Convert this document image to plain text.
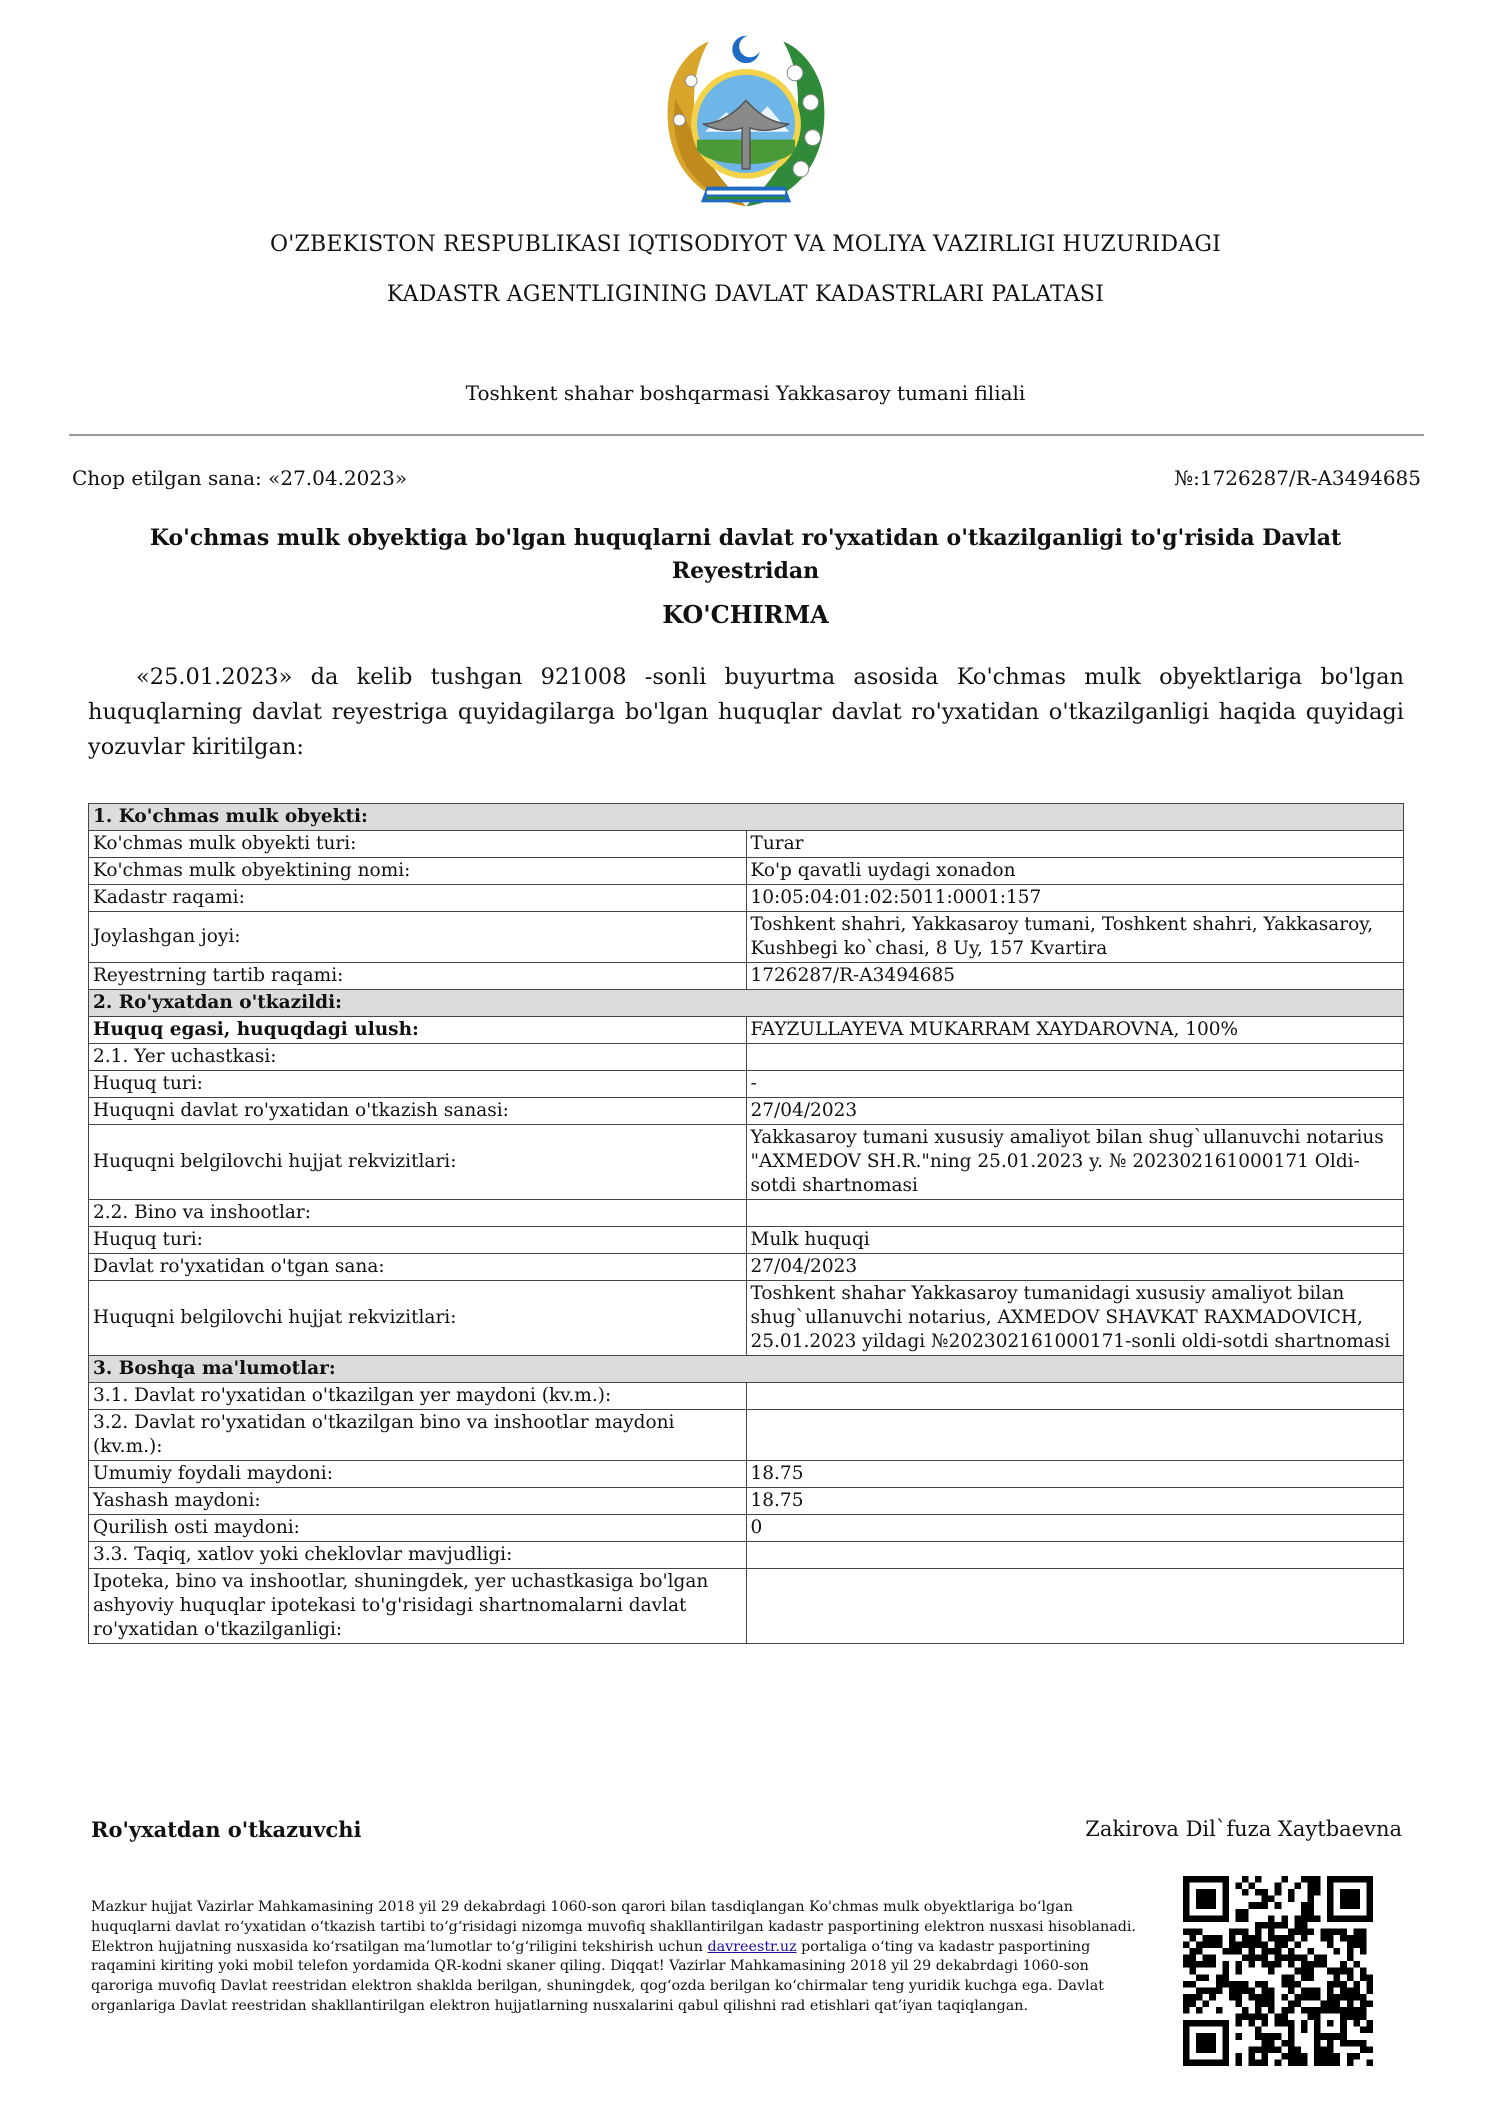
O'ZBEKISTON RESPUBLIKASI IQTISODIYOT VA MOLIYA VAZIRLIGI HUZURIDAGI
KADASTR AGENTLIGINING DAVLAT KADASTRLARI PALATASI
Toshkent shahar boshqarmasi Yakkasaroy tumani filiali
Chop etilgan sana: «27.04.2023»	№:1726287/R-A3494685
Ko'chmas mulk obyektiga bo'lgan huquqlarni davlat ro'yxatidan o'tkazilganligi to'g'risida Davlat Reyestridan
KO'CHIRMA
«25.01.2023» da kelib tushgan 921008 -sonli buyurtma asosida Ko'chmas mulk obyektlariga bo'lgan huquqlarning davlat reyestriga quyidagilarga bo'lgan huquqlar davlat ro'yxatidan o'tkazilganligi haqida quyidagi yozuvlar kiritilgan:
1. Ko'chmas mulk obyekti:	
Ko'chmas mulk obyekti turi:	Turar
Ko'chmas mulk obyektining nomi:	Ko'p qavatli uydagi xonadon
Kadastr raqami:	10:05:04:01:02:5011:0001:157
Joylashgan joyi:	Toshkent shahri, Yakkasaroy tumani, Toshkent shahri, Yakkasaroy, Kushbegi ko`chasi, 8 Uy, 157 Kvartira
Reyestrning tartib raqami:	1726287/R-A3494685
2. Ro'yxatdan o'tkazildi:	
Huquq egasi, huquqdagi ulush:	FAYZULLAYEVA MUKARRAM XAYDAROVNA, 100%
2.1. Yer uchastkasi:	
Huquq turi:	-
Huquqni davlat ro'yxatidan o'tkazish sanasi:	27/04/2023
Huquqni belgilovchi hujjat rekvizitlari:	Yakkasaroy tumani xususiy amaliyot bilan shug`ullanuvchi notarius "AXMEDOV SH.R."ning 25.01.2023 y. № 202302161000171 Oldi-sotdi shartnomasi
2.2. Bino va inshootlar:	
Huquq turi:	Mulk huquqi
Davlat ro'yxatidan o'tgan sana:	27/04/2023
Huquqni belgilovchi hujjat rekvizitlari:	Toshkent shahar Yakkasaroy tumanidagi xususiy amaliyot bilan shug`ullanuvchi notarius, AXMEDOV SHAVKAT RAXMADOVICH, 25.01.2023 yildagi №202302161000171-sonli oldi-sotdi shartnomasi
3. Boshqa ma'lumotlar:	
3.1. Davlat ro'yxatidan o'tkazilgan yer maydoni (kv.m.):	
3.2. Davlat ro'yxatidan o'tkazilgan bino va inshootlar maydoni (kv.m.):	
Umumiy foydali maydoni:	18.75
Yashash maydoni:	18.75
Qurilish osti maydoni:	0
3.3. Taqiq, xatlov yoki cheklovlar mavjudligi:	
Ipoteka, bino va inshootlar, shuningdek, yer uchastkasiga bo'lgan ashyoviy huquqlar ipotekasi to'g'risidagi shartnomalarni davlat ro'yxatidan o'tkazilganligi:	
Ro'yxatdan o'tkazuvchi	Zakirova Dil`fuza Xaytbaevna
Mazkur hujjat Vazirlar Mahkamasining 2018 yil 29 dekabrdagi 1060-son qarori bilan tasdiqlangan Ko'chmas mulk obyektlariga bo‘lgan huquqlarni davlat ro‘yxatidan o‘tkazish tartibi to‘g‘risidagi nizomga muvofiq shakllantirilgan kadastr pasportining elektron nusxasi hisoblanadi. Elektron hujjatning nusxasida ko‘rsatilgan ma’lumotlar to‘g‘riligini tekshirish uchun davreestr.uz portaliga o‘ting va kadastr pasportining raqamini kiriting yoki mobil telefon yordamida QR-kodni skaner qiling. Diqqat! Vazirlar Mahkamasining 2018 yil 29 dekabrdagi 1060-son qaroriga muvofiq Davlat reestridan elektron shaklda berilgan, shuningdek, qog‘ozda berilgan ko‘chirmalar teng yuridik kuchga ega. Davlat organlariga Davlat reestridan shakllantirilgan elektron hujjatlarning nusxalarini qabul qilishni rad etishlari qat’iyan taqiqlangan.
